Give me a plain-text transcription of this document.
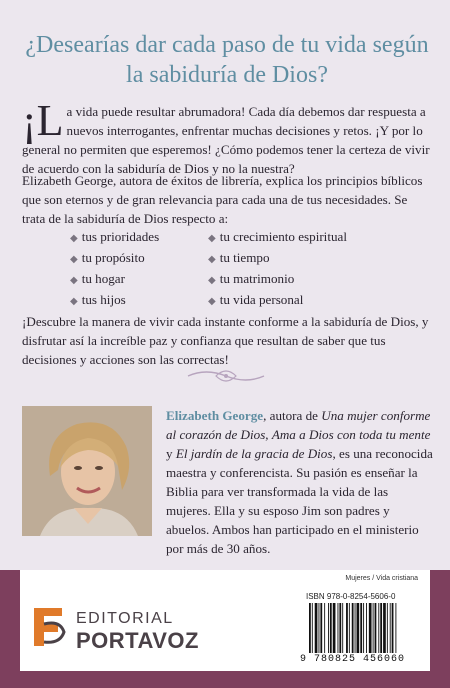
¿Desearías dar cada paso de tu vida según la sabiduría de Dios?
¡L a vida puede resultar abrumadora! Cada día debemos dar respuesta a nuevos interrogantes, enfrentar muchas decisiones y retos. ¡Y por lo general no permiten que esperemos! ¿Cómo podemos tener la certeza de vivir de acuerdo con la sabiduría de Dios y no la nuestra?
Elizabeth George, autora de éxitos de librería, explica los principios bíblicos que son eternos y de gran relevancia para cada una de tus necesidades. Se trata de la sabiduría de Dios respecto a:
◆ tus prioridades	◆ tu crecimiento espiritual
◆ tu propósito	◆ tu tiempo
◆ tu hogar	◆ tu matrimonio
◆ tus hijos	◆ tu vida personal
¡Descubre la manera de vivir cada instante conforme a la sabiduría de Dios, y disfrutar así la increíble paz y confianza que resultan de saber que tus decisiones y acciones son las correctas!
Elizabeth George, autora de Una mujer conforme al corazón de Dios, Ama a Dios con toda tu mente y El jardín de la gracia de Dios, es una reconocida maestra y conferencista. Su pasión es enseñar la Biblia para ver transformada la vida de las mujeres. Ella y su esposo Jim son padres y abuelos. Ambos han participado en el ministerio por más de 30 años.
EDITORIAL
PORTAVOZ
Mujeres / Vida cristiana
ISBN 978-0-8254-5606-0
9 780825 456060
